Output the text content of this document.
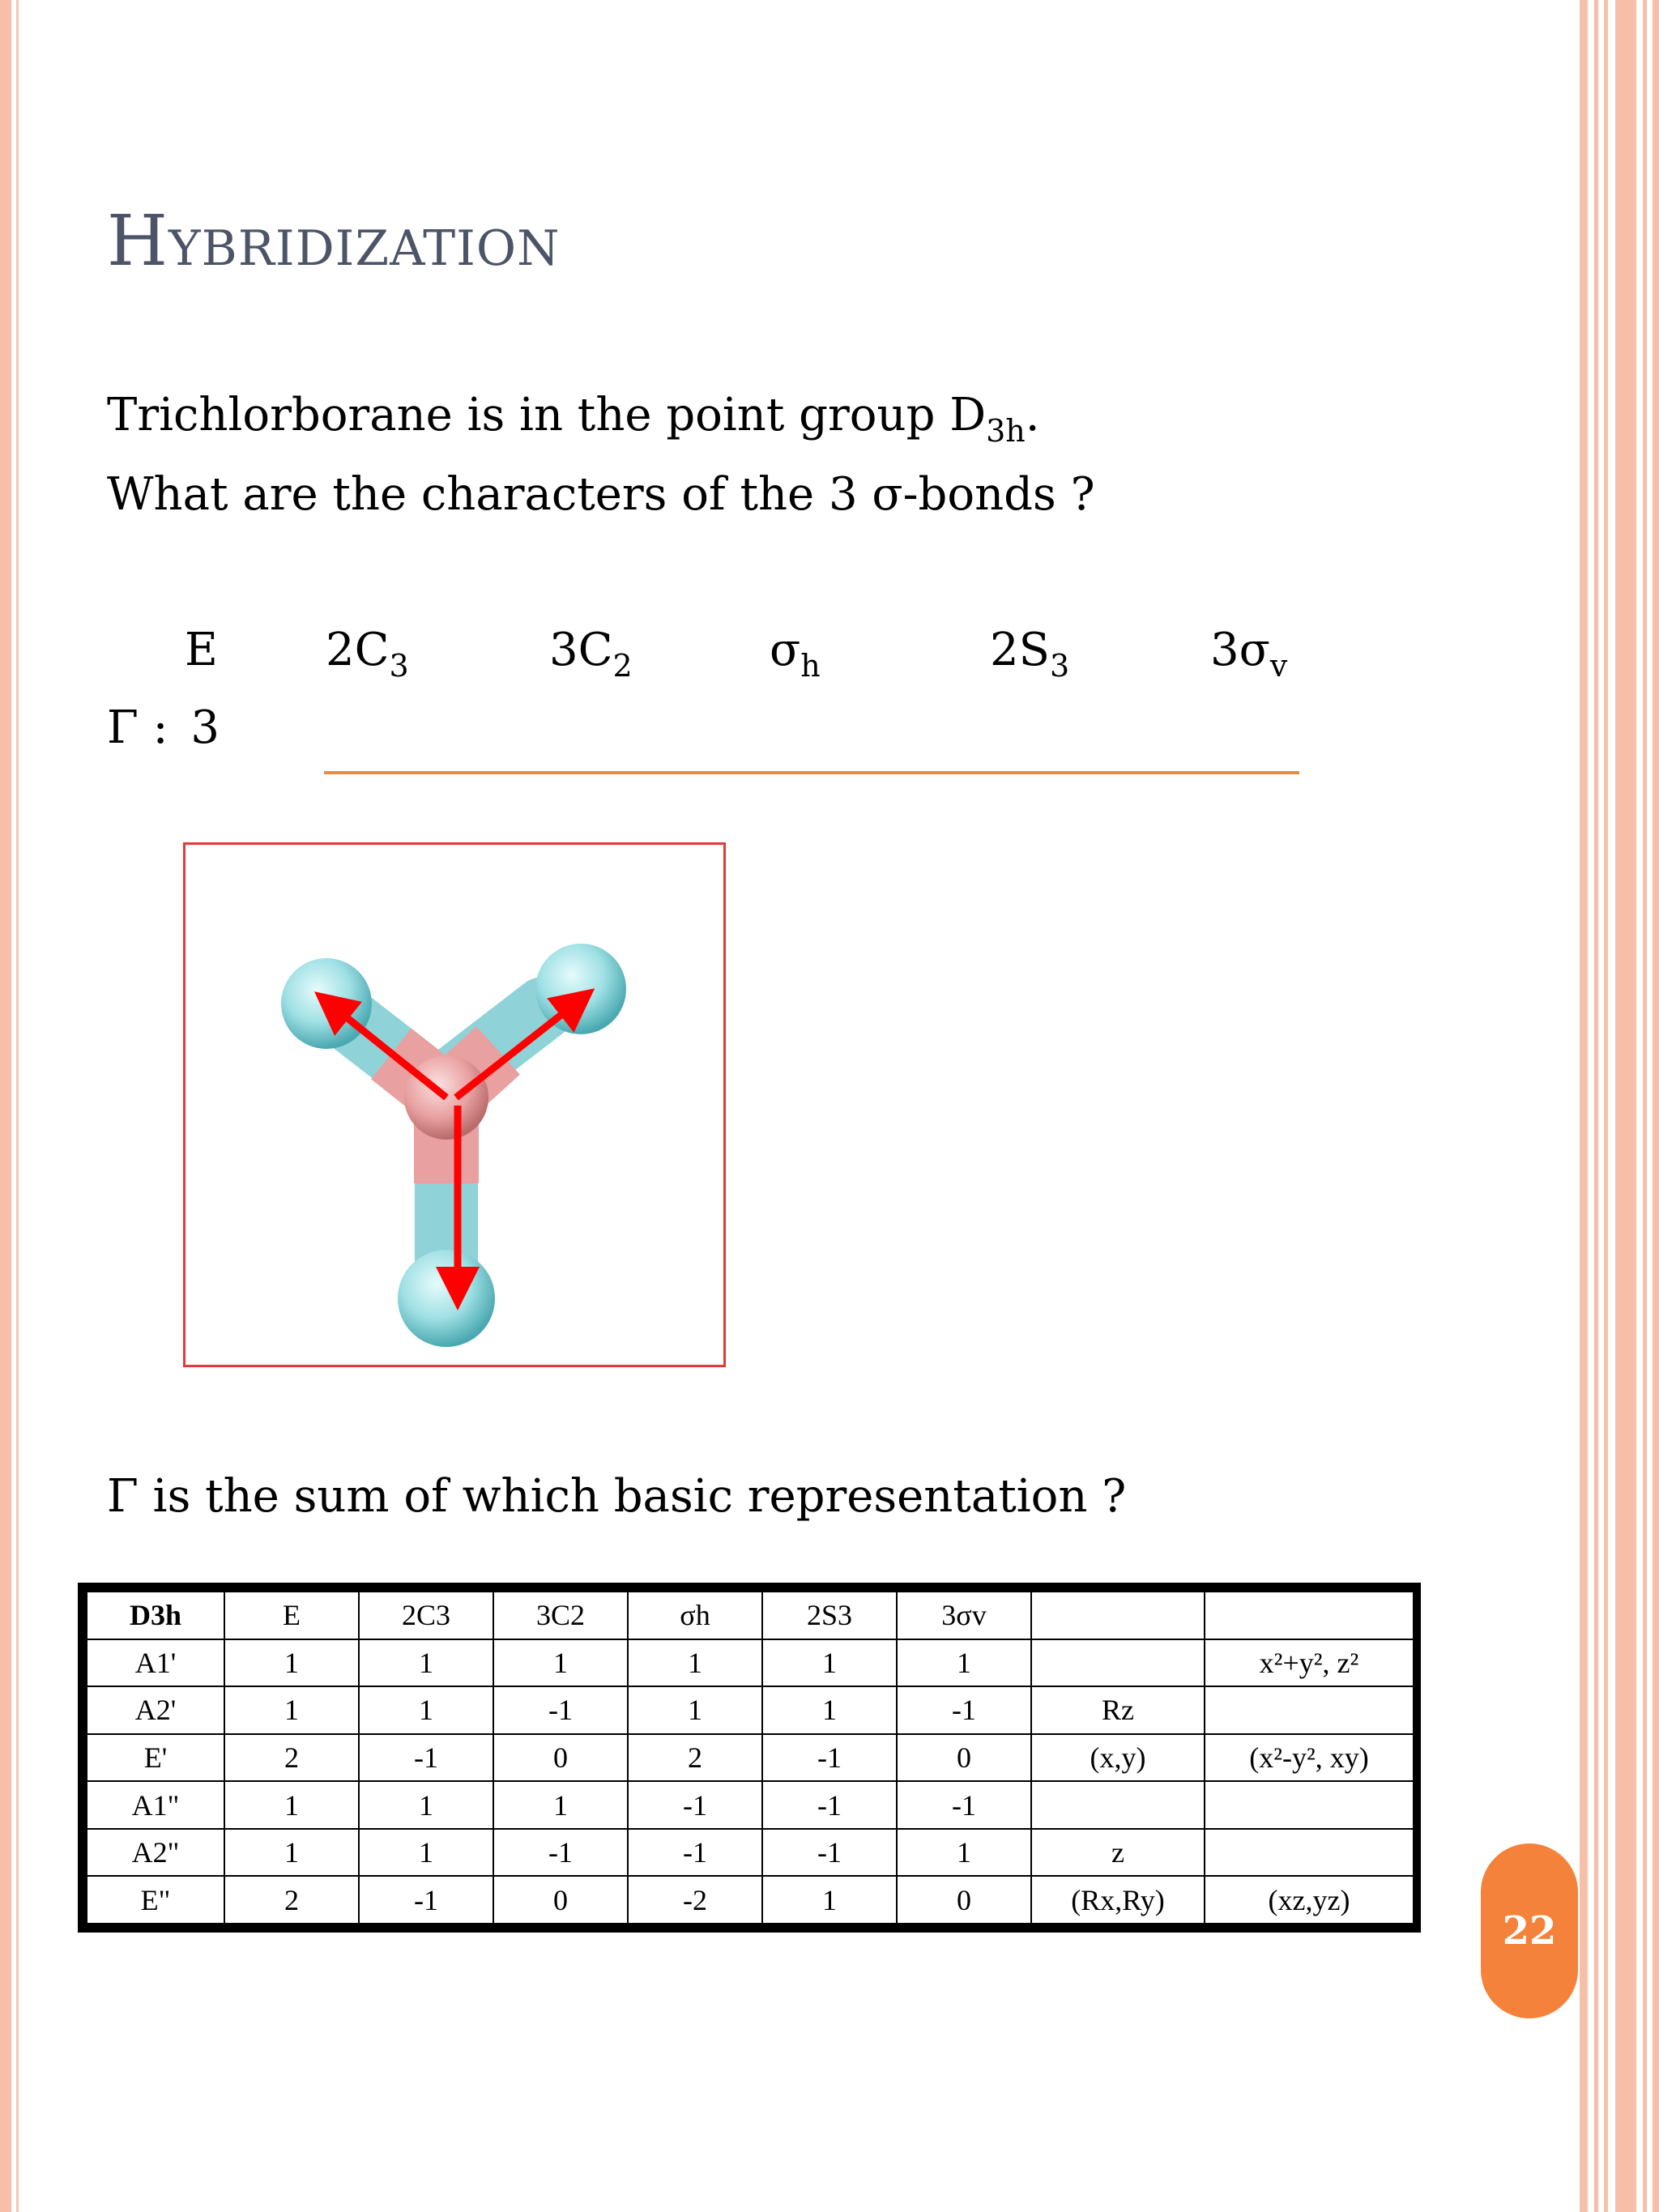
Hybridization
Trichlorborane is in the point group $D_{3h}$.
What are the characters of the 3 σ-bonds ?
E $2C_3$	$3C_2$	$\sigma_h$	$2S_3$	$3\sigma_v$
Γ : 3
Γ is the sum of which basic representation ?
D3h	E	2C3	3C2	σh	2S3	3σv		
A1'	1	1	1	1	1	1		x²+y², z²
A2'	1	1	-1	1	1	-1	Rz	
E'	2	-1	0	2	-1	0	(x,y)	(x²-y², xy)
A1"	1	1	1	-1	-1	-1		
A2"	1	1	-1	-1	-1	1	z	
E"	2	-1	0	-2	1	0	(Rx,Ry)	(xz,yz)
22
